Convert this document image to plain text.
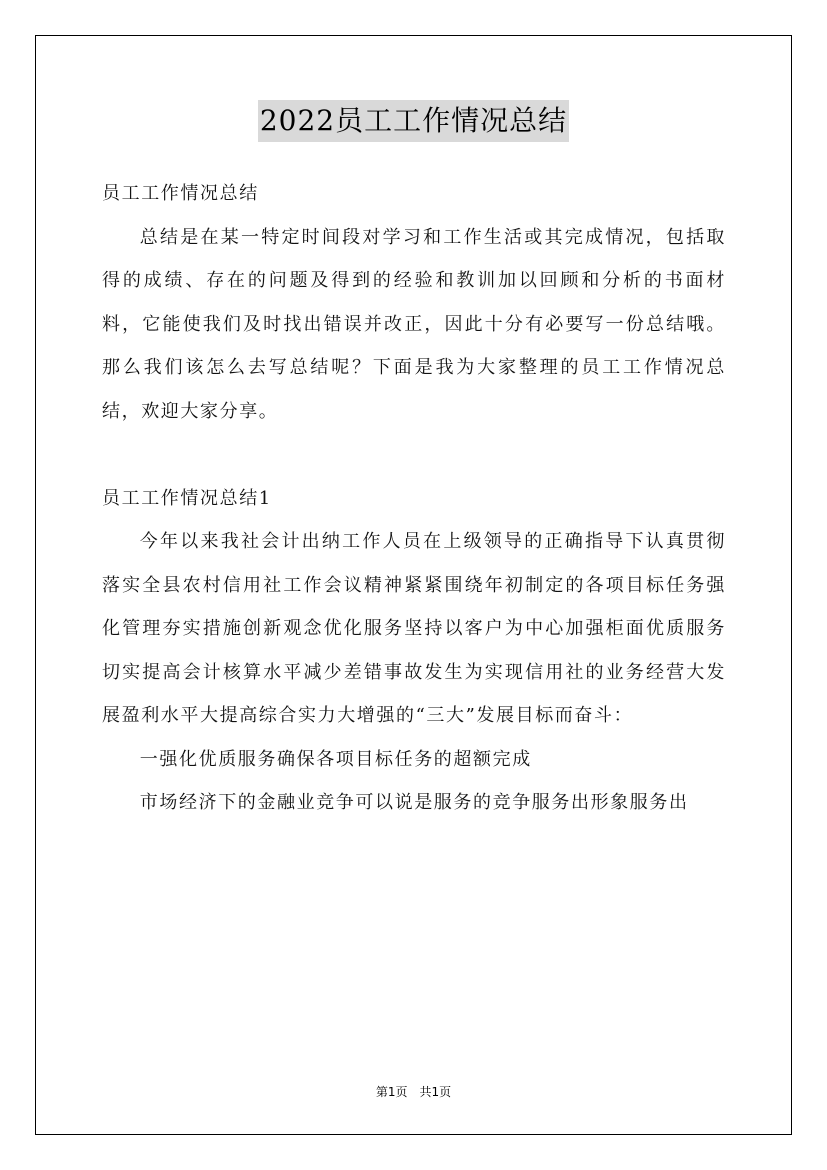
2022员工工作情况总结

员工工作情况总结

总结是在某一特定时间段对学习和工作生活或其完成情况，包括取得的成绩、存在的问题及得到的经验和教训加以回顾和分析的书面材料，它能使我们及时找出错误并改正，因此十分有必要写一份总结哦。那么我们该怎么去写总结呢？下面是我为大家整理的员工工作情况总结，欢迎大家分享。

员工工作情况总结1

今年以来我社会计出纳工作人员在上级领导的正确指导下认真贯彻落实全县农村信用社工作会议精神紧紧围绕年初制定的各项目标任务强化管理夯实措施创新观念优化服务坚持以客户为中心加强柜面优质服务切实提高会计核算水平减少差错事故发生为实现信用社的业务经营大发展盈利水平大提高综合实力大增强的“三大”发展目标而奋斗：

一强化优质服务确保各项目标任务的超额完成

市场经济下的金融业竞争可以说是服务的竞争服务出形象服务出

第1页　共1页
